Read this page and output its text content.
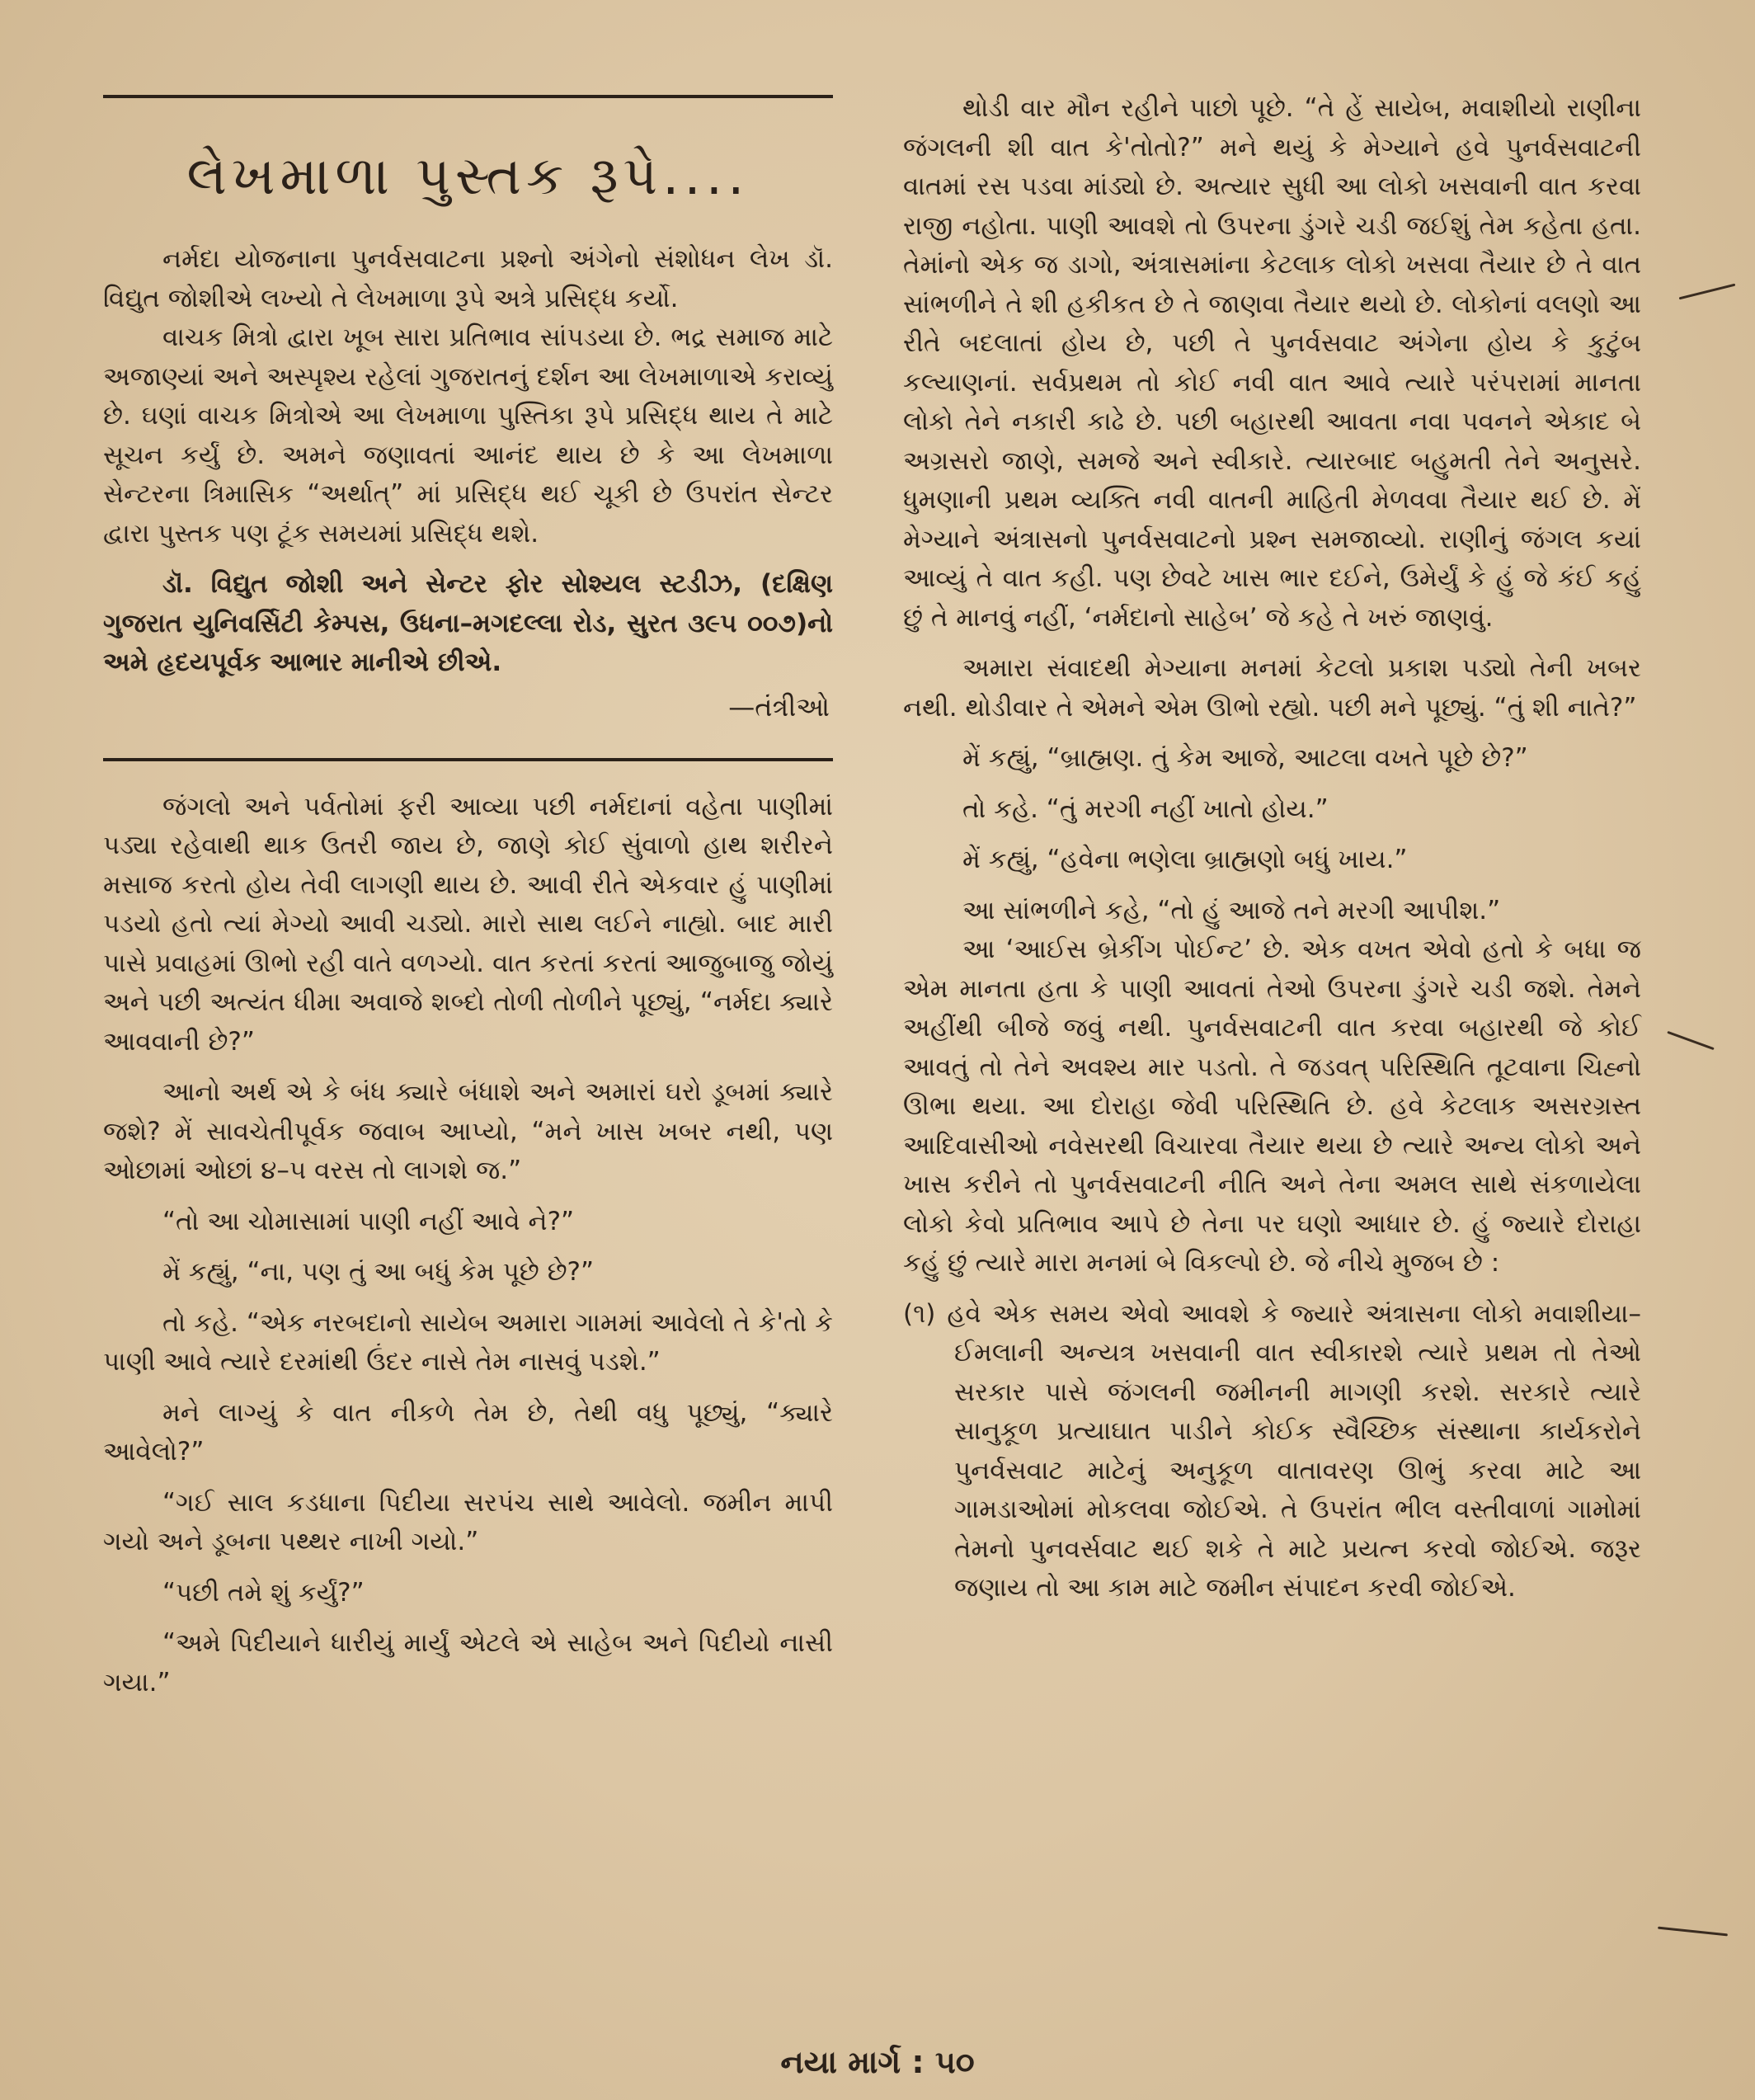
લેખમાળા પુસ્તક રૂપે....

નર્મદા યોજનાના પુનર્વસવાટના પ્રશ્નો અંગેનો સંશોધન લેખ ડૉ. વિદ્યુત જોશીએ લખ્યો તે લેખમાળા રૂપે અત્રે પ્રસિદ્ધ કર્યો.

વાચક મિત્રો દ્વારા ખૂબ સારા પ્રતિભાવ સાંપડયા છે. ભદ્ર સમાજ માટે અજાણ્યાં અને અસ્પૃશ્ય રહેલાં ગુજરાતનું દર્શન આ લેખમાળાએ કરાવ્યું છે. ઘણાં વાચક મિત્રોએ આ લેખમાળા પુસ્તિકા રૂપે પ્રસિદ્ધ થાય તે માટે સૂચન કર્યું છે. અમને જણાવતાં આનંદ થાય છે કે આ લેખમાળા સેન્ટરના ત્રિમાસિક “અર્થાત્” માં પ્રસિદ્ધ થઈ ચૂકી છે ઉપરાંત સેન્ટર દ્વારા પુસ્તક પણ ટૂંક સમયમાં પ્રસિદ્ધ થશે.

ડૉ. વિદ્યુત જોશી અને સેન્ટર ફોર સોશ્યલ સ્ટડીઝ, (દક્ષિણ ગુજરાત યુનિવર્સિટી કેમ્પસ, ઉધના–મગદલ્લા રોડ, સુરત ૩૯૫ ૦૦૭)નો અમે હૃદયપૂર્વક આભાર માનીએ છીએ.

—તંત્રીઓ

જંગલો અને પર્વતોમાં ફરી આવ્યા પછી નર્મદાનાં વહેતા પાણીમાં પડ્યા રહેવાથી થાક ઉતરી જાય છે, જાણે કોઈ સુંવાળો હાથ શરીરને મસાજ કરતો હોય તેવી લાગણી થાય છે. આવી રીતે એકવાર હું પાણીમાં પડયો હતો ત્યાં મેગ્યો આવી ચડ્યો. મારો સાથ લઈને નાહ્યો. બાદ મારી પાસે પ્રવાહમાં ઊભો રહી વાતે વળગ્યો. વાત કરતાં કરતાં આજુબાજુ જોયું અને પછી અત્યંત ધીમા અવાજે શબ્દો તોળી તોળીને પૂછ્યું, “નર્મદા ક્યારે આવવાની છે?”

આનો અર્થ એ કે બંધ ક્યારે બંધાશે અને અમારાં ઘરો ડૂબમાં ક્યારે જશે? મેં સાવચેતીપૂર્વક જવાબ આપ્યો, “મને ખાસ ખબર નથી, પણ ઓછામાં ઓછાં ૪–૫ વરસ તો લાગશે જ.”

“તો આ ચોમાસામાં પાણી નહીં આવે ને?”

મેં કહ્યું, “ના, પણ તું આ બધું કેમ પૂછે છે?”

તો કહે. “એક નરબદાનો સાયેબ અમારા ગામમાં આવેલો તે કે'તો કે પાણી આવે ત્યારે દરમાંથી ઉંદર નાસે તેમ નાસવું પડશે.”

મને લાગ્યું કે વાત નીકળે તેમ છે, તેથી વધુ પૂછ્યું, “ક્યારે આવેલો?”

“ગઈ સાલ કડધાના પિદીયા સરપંચ સાથે આવેલો. જમીન માપી ગયો અને ડૂબના પથ્થર નાખી ગયો.”

“પછી તમે શું કર્યું?”

“અમે પિદીયાને ધારીયું માર્યું એટલે એ સાહેબ અને પિદીયો નાસી ગયા.”

થોડી વાર મૌન રહીને પાછો પૂછે. “તે હેં સાયેબ, મવાશીયો રાણીના જંગલની શી વાત કે'તોતો?” મને થયું કે મેગ્યાને હવે પુનર્વસવાટની વાતમાં રસ પડવા માંડ્યો છે. અત્યાર સુધી આ લોકો ખસવાની વાત કરવા રાજી નહોતા. પાણી આવશે તો ઉપરના ડુંગરે ચડી જઈશું તેમ કહેતા હતા. તેમાંનો એક જ ડાગો, અંત્રાસમાંના કેટલાક લોકો ખસવા તૈયાર છે તે વાત સાંભળીને તે શી હકીકત છે તે જાણવા તૈયાર થયો છે. લોકોનાં વલણો આ રીતે બદલાતાં હોય છે, પછી તે પુનર્વસવાટ અંગેના હોય કે કુટુંબ કલ્યાણનાં. સર્વપ્રથમ તો કોઈ નવી વાત આવે ત્યારે પરંપરામાં માનતા લોકો તેને નકારી કાઢે છે. પછી બહારથી આવતા નવા પવનને એકાદ બે અગ્રસરો જાણે, સમજે અને સ્વીકારે. ત્યારબાદ બહુમતી તેને અનુસરે. ધુમણાની પ્રથમ વ્યક્તિ નવી વાતની માહિતી મેળવવા તૈયાર થઈ છે. મેં મેગ્યાને અંત્રાસનો પુનર્વસવાટનો પ્રશ્ન સમજાવ્યો. રાણીનું જંગલ કયાં આવ્યું તે વાત કહી. પણ છેવટે ખાસ ભાર દઈને, ઉમેર્યું કે હું જે કંઈ કહું છું તે માનવું નહીં, ‘નર્મદાનો સાહેબ’ જે કહે તે ખરું જાણવું.

અમારા સંવાદથી મેગ્યાના મનમાં કેટલો પ્રકાશ પડ્યો તેની ખબર નથી. થોડીવાર તે એમને એમ ઊભો રહ્યો. પછી મને પૂછ્યું. “તું શી નાતે?”

મેં કહ્યું, “બ્રાહ્મણ. તું કેમ આજે, આટલા વખતે પૂછે છે?”

તો કહે. “તું મરગી નહીં ખાતો હોય.”

મેં કહ્યું, “હવેના ભણેલા બ્રાહ્મણો બધું ખાય.”

આ સાંભળીને કહે, “તો હું આજે તને મરગી આપીશ.”

આ ‘આઈસ બ્રેકીંગ પોઈન્ટ’ છે. એક વખત એવો હતો કે બધા જ એમ માનતા હતા કે પાણી આવતાં તેઓ ઉપરના ડુંગરે ચડી જશે. તેમને અહીંથી બીજે જવું નથી. પુનર્વસવાટની વાત કરવા બહારથી જે કોઈ આવતું તો તેને અવશ્ય માર પડતો. તે જડવત્ પરિસ્થિતિ તૂટવાના ચિહ્નો ઊભા થયા. આ દોરાહા જેવી પરિસ્થિતિ છે. હવે કેટલાક અસરગ્રસ્ત આદિવાસીઓ નવેસરથી વિચારવા તૈયાર થયા છે ત્યારે અન્ય લોકો અને ખાસ કરીને તો પુનર્વસવાટની નીતિ અને તેના અમલ સાથે સંકળાયેલા લોકો કેવો પ્રતિભાવ આપે છે તેના પર ઘણો આધાર છે. હું જ્યારે દોરાહા કહું છું ત્યારે મારા મનમાં બે વિકલ્પો છે. જે નીચે મુજબ છે :

(૧) હવે એક સમય એવો આવશે કે જ્યારે અંત્રાસના લોકો મવાશીયા–ઈમલાની અન્યત્ર ખસવાની વાત સ્વીકારશે ત્યારે પ્રથમ તો તેઓ સરકાર પાસે જંગલની જમીનની માગણી કરશે. સરકારે ત્યારે સાનુકૂળ પ્રત્યાઘાત પાડીને કોઈક સ્વૈચ્છિક સંસ્થાના કાર્યકરોને પુનર્વસવાટ માટેનું અનુકૂળ વાતાવરણ ઊભું કરવા માટે આ ગામડાઓમાં મોકલવા જોઈએ. તે ઉપરાંત ભીલ વસ્તીવાળાં ગામોમાં તેમનો પુનવર્સવાટ થઈ શકે તે માટે પ્રયત્ન કરવો જોઈએ. જરૂર જણાય તો આ કામ માટે જમીન સંપાદન કરવી જોઈએ.

નયા માર્ગ : ૫૦
